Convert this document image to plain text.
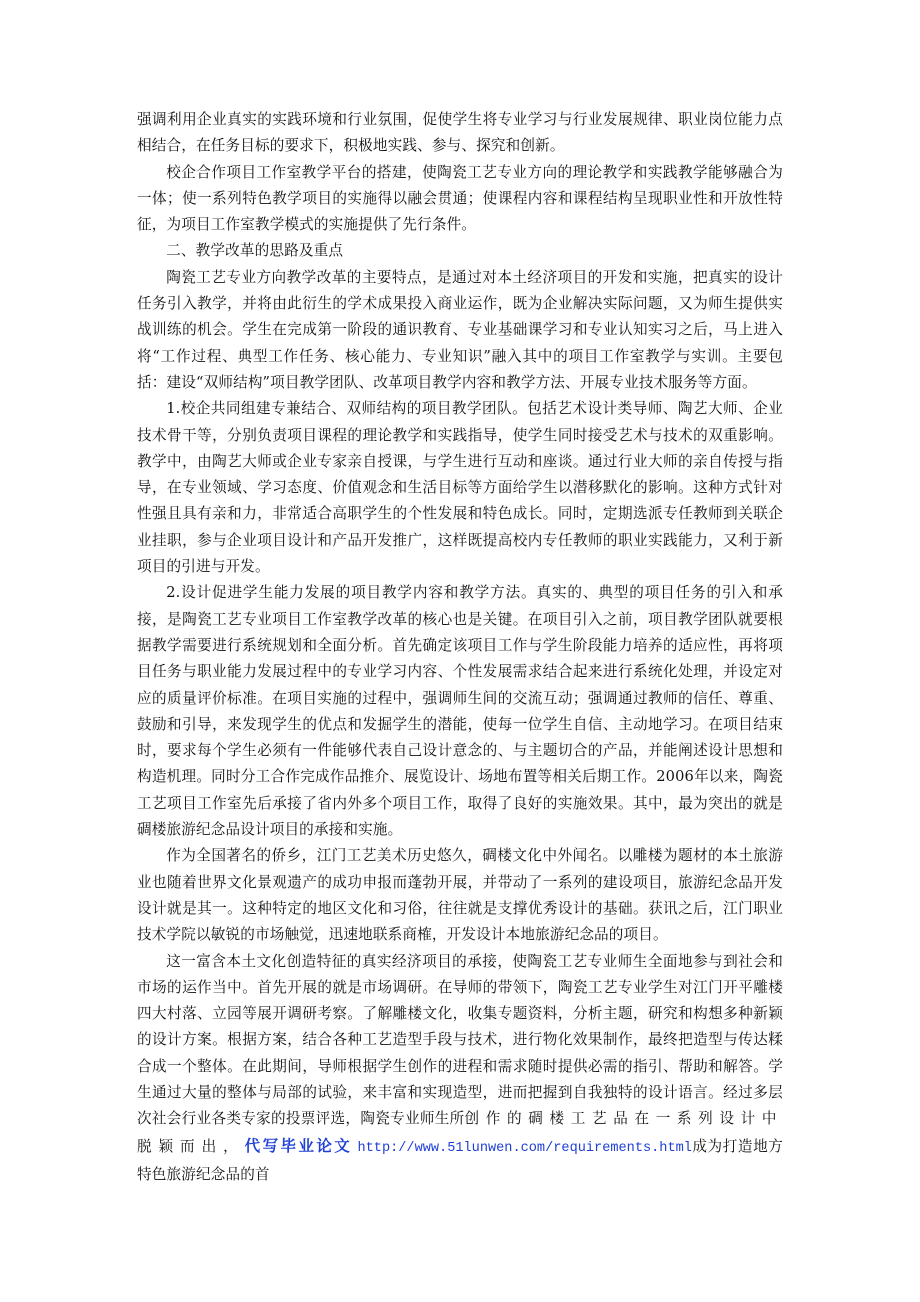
强调利用企业真实的实践环境和行业氛围，促使学生将专业学习与行业发展规律、职业岗位能力点相结合，在任务目标的要求下，积极地实践、参与、探究和创新。

校企合作项目工作室教学平台的搭建，使陶瓷工艺专业方向的理论教学和实践教学能够融合为一体；使一系列特色教学项目的实施得以融会贯通；使课程内容和课程结构呈现职业性和开放性特征，为项目工作室教学模式的实施提供了先行条件。

二、教学改革的思路及重点

陶瓷工艺专业方向教学改革的主要特点，是通过对本土经济项目的开发和实施，把真实的设计任务引入教学，并将由此衍生的学术成果投入商业运作，既为企业解决实际问题，又为师生提供实战训练的机会。学生在完成第一阶段的通识教育、专业基础课学习和专业认知实习之后，马上进入将“工作过程、典型工作任务、核心能力、专业知识”融入其中的项目工作室教学与实训。主要包括：建设“双师结构”项目教学团队、改革项目教学内容和教学方法、开展专业技术服务等方面。

1.校企共同组建专兼结合、双师结构的项目教学团队。包括艺术设计类导师、陶艺大师、企业技术骨干等，分别负责项目课程的理论教学和实践指导，使学生同时接受艺术与技术的双重影响。教学中，由陶艺大师或企业专家亲自授课，与学生进行互动和座谈。通过行业大师的亲自传授与指导，在专业领域、学习态度、价值观念和生活目标等方面给学生以潜移默化的影响。这种方式针对性强且具有亲和力，非常适合高职学生的个性发展和特色成长。同时，定期选派专任教师到关联企业挂职，参与企业项目设计和产品开发推广，这样既提高校内专任教师的职业实践能力，又利于新项目的引进与开发。

2.设计促进学生能力发展的项目教学内容和教学方法。真实的、典型的项目任务的引入和承接，是陶瓷工艺专业项目工作室教学改革的核心也是关键。在项目引入之前，项目教学团队就要根据教学需要进行系统规划和全面分析。首先确定该项目工作与学生阶段能力培养的适应性，再将项目任务与职业能力发展过程中的专业学习内容、个性发展需求结合起来进行系统化处理，并设定对应的质量评价标准。在项目实施的过程中，强调师生间的交流互动；强调通过教师的信任、尊重、鼓励和引导，来发现学生的优点和发掘学生的潜能，使每一位学生自信、主动地学习。在项目结束时，要求每个学生必须有一件能够代表自己设计意念的、与主题切合的产品，并能阐述设计思想和构造机理。同时分工合作完成作品推介、展览设计、场地布置等相关后期工作。2006年以来，陶瓷工艺项目工作室先后承接了省内外多个项目工作，取得了良好的实施效果。其中，最为突出的就是碉楼旅游纪念品设计项目的承接和实施。

作为全国著名的侨乡，江门工艺美术历史悠久，碉楼文化中外闻名。以雕楼为题材的本土旅游业也随着世界文化景观遗产的成功申报而蓬勃开展，并带动了一系列的建设项目，旅游纪念品开发设计就是其一。这种特定的地区文化和习俗，往往就是支撑优秀设计的基础。获讯之后，江门职业技术学院以敏锐的市场触觉，迅速地联系商榷，开发设计本地旅游纪念品的项目。

这一富含本土文化创造特征的真实经济项目的承接，使陶瓷工艺专业师生全面地参与到社会和市场的运作当中。首先开展的就是市场调研。在导师的带领下，陶瓷工艺专业学生对江门开平雕楼四大村落、立园等展开调研考察。了解雕楼文化，收集专题资料，分析主题，研究和构想多种新颖的设计方案。根据方案，结合各种工艺造型手段与技术，进行物化效果制作，最终把造型与传达糅合成一个整体。在此期间，导师根据学生创作的进程和需求随时提供必需的指引、帮助和解答。学生通过大量的整体与局部的试验，来丰富和实现造型，进而把握到自我独特的设计语言。经过多层次社会行业各类专家的投票评选，陶瓷专业师生所创作的碉楼工艺品在一系列设计中脱颖而出，代写毕业论文 http://www.51lunwen.com/requirements.html成为打造地方特色旅游纪念品的首
